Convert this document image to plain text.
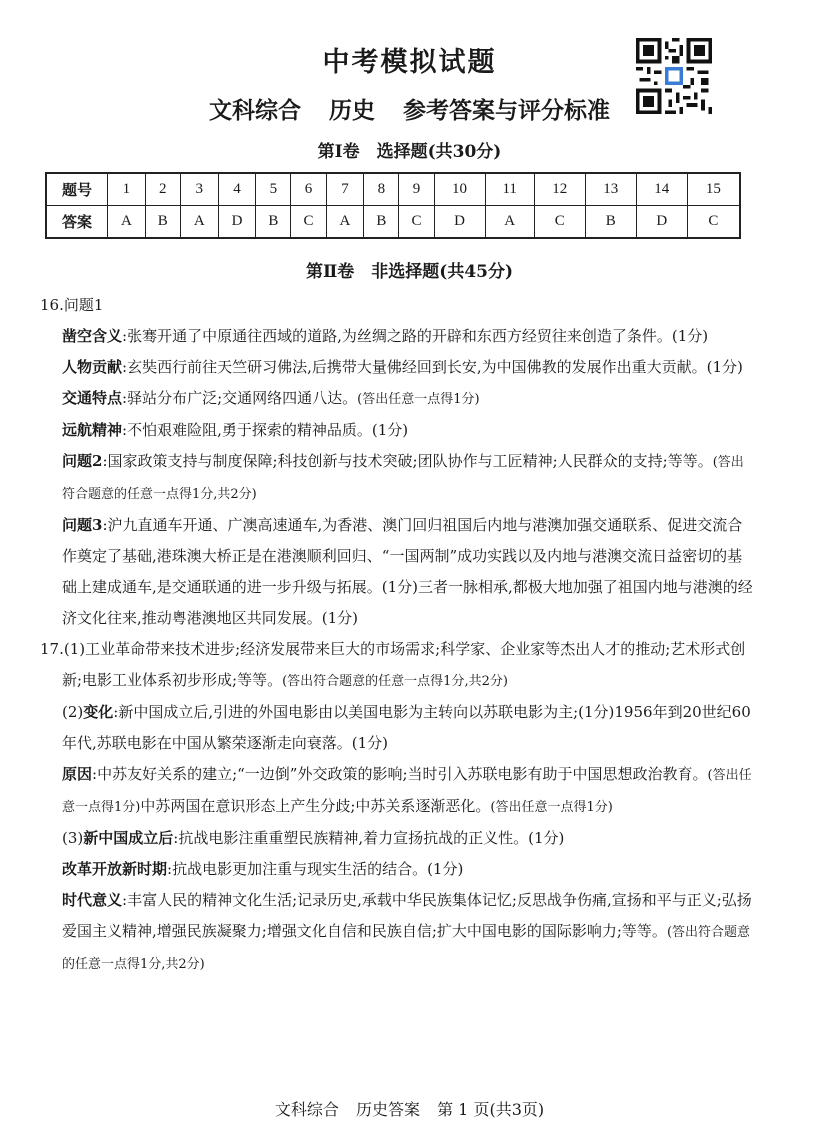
中考模拟试题
文科综合 历史 参考答案与评分标准
第Ⅰ卷　选择题(共30分)
题号	1	2	3	4	5	6	7	8	9	10	11	12	13	14	15
答案	A	B	A	D	B	C	A	B	C	D	A	C	B	D	C
第Ⅱ卷　非选择题(共45分)

16.问题1

凿空含义:张骞开通了中原通往西域的道路,为丝绸之路的开辟和东西方经贸往来创造了条件。(1分)

人物贡献:玄奘西行前往天竺研习佛法,后携带大量佛经回到长安,为中国佛教的发展作出重大贡献。(1分)

交通特点:驿站分布广泛;交通网络四通八达。(答出任意一点得1分)

远航精神:不怕艰难险阻,勇于探索的精神品质。(1分)

问题2:国家政策支持与制度保障;科技创新与技术突破;团队协作与工匠精神;人民群众的支持;等等。(答出符合题意的任意一点得1分,共2分)

问题3:沪九直通车开通、广澳高速通车,为香港、澳门回归祖国后内地与港澳加强交通联系、促进交流合作奠定了基础,港珠澳大桥正是在港澳顺利回归、“一国两制”成功实践以及内地与港澳交流日益密切的基础上建成通车,是交通联通的进一步升级与拓展。(1分)三者一脉相承,都极大地加强了祖国内地与港澳的经济文化往来,推动粤港澳地区共同发展。(1分)

17.(1)工业革命带来技术进步;经济发展带来巨大的市场需求;科学家、企业家等杰出人才的推动;艺术形式创新;电影工业体系初步形成;等等。(答出符合题意的任意一点得1分,共2分)

(2)变化:新中国成立后,引进的外国电影由以美国电影为主转向以苏联电影为主;(1分)1956年到20世纪60年代,苏联电影在中国从繁荣逐渐走向衰落。(1分)

原因:中苏友好关系的建立;“一边倒”外交政策的影响;当时引入苏联电影有助于中国思想政治教育。(答出任意一点得1分)中苏两国在意识形态上产生分歧;中苏关系逐渐恶化。(答出任意一点得1分)

(3)新中国成立后:抗战电影注重重塑民族精神,着力宣扬抗战的正义性。(1分)

改革开放新时期:抗战电影更加注重与现实生活的结合。(1分)

时代意义:丰富人民的精神文化生活;记录历史,承载中华民族集体记忆;反思战争伤痛,宣扬和平与正义;弘扬爱国主义精神,增强民族凝聚力;增强文化自信和民族自信;扩大中国电影的国际影响力;等等。(答出符合题意的任意一点得1分,共2分)

文科综合 历史答案 第 1 页(共3页)
